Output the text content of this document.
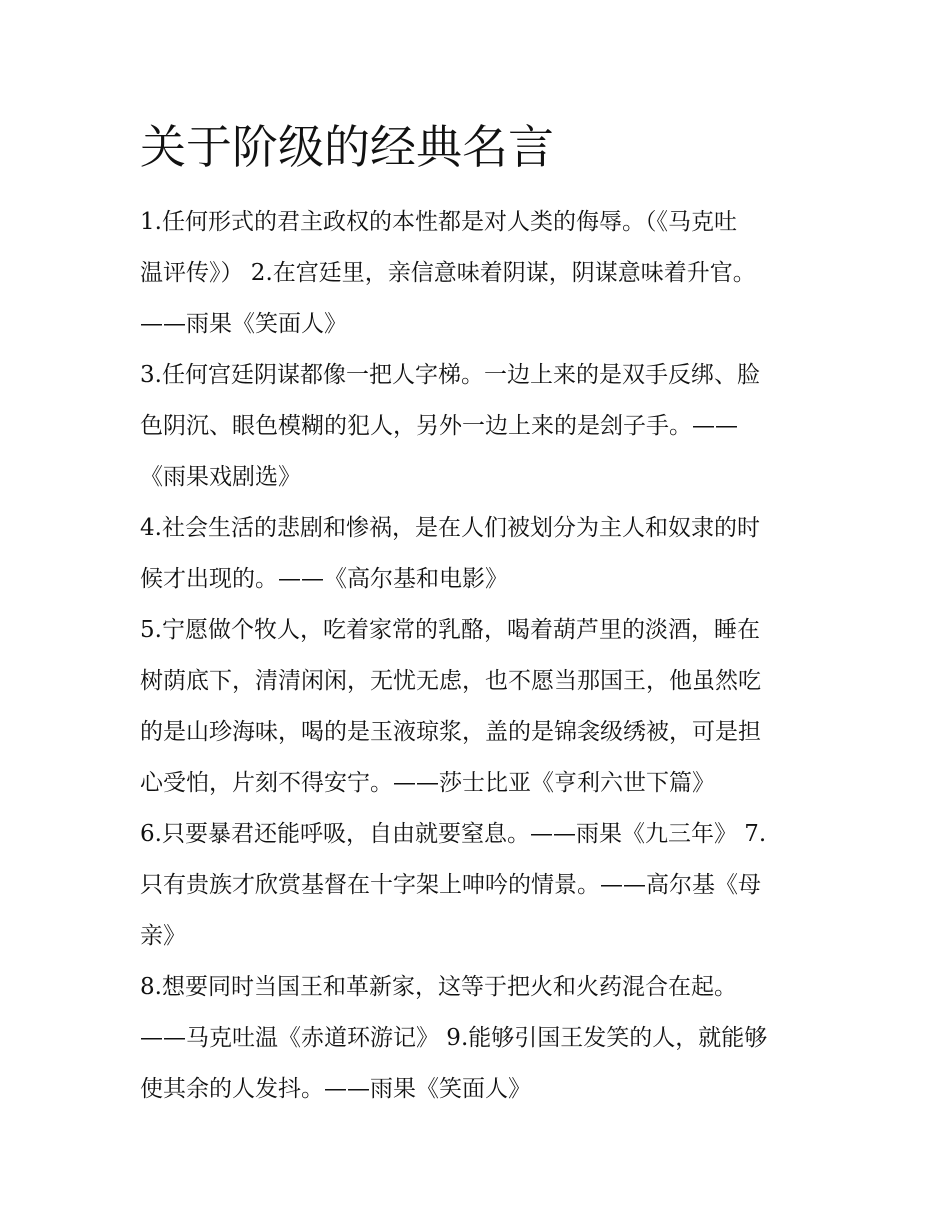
关于阶级的经典名言

1.任何形式的君主政权的本性都是对人类的侮辱。（《马克吐

温评传》） 2.在宫廷里，亲信意味着阴谋，阴谋意味着升官。

——雨果《笑面人》

3.任何宫廷阴谋都像一把人字梯。一边上来的是双手反绑、脸

色阴沉、眼色模糊的犯人，另外一边上来的是刽子手。——

《雨果戏剧选》

4.社会生活的悲剧和惨祸，是在人们被划分为主人和奴隶的时

候才出现的。——《高尔基和电影》

5.宁愿做个牧人，吃着家常的乳酪，喝着葫芦里的淡酒，睡在

树荫底下，清清闲闲，无忧无虑，也不愿当那国王，他虽然吃

的是山珍海味，喝的是玉液琼浆，盖的是锦衾级绣被，可是担

心受怕，片刻不得安宁。——莎士比亚《亨利六世下篇》

6.只要暴君还能呼吸，自由就要窒息。——雨果《九三年》 7.

只有贵族才欣赏基督在十字架上呻吟的情景。——高尔基《母

亲》

8.想要同时当国王和革新家，这等于把火和火药混合在起。

——马克吐温《赤道环游记》 9.能够引国王发笑的人，就能够

使其余的人发抖。——雨果《笑面人》
